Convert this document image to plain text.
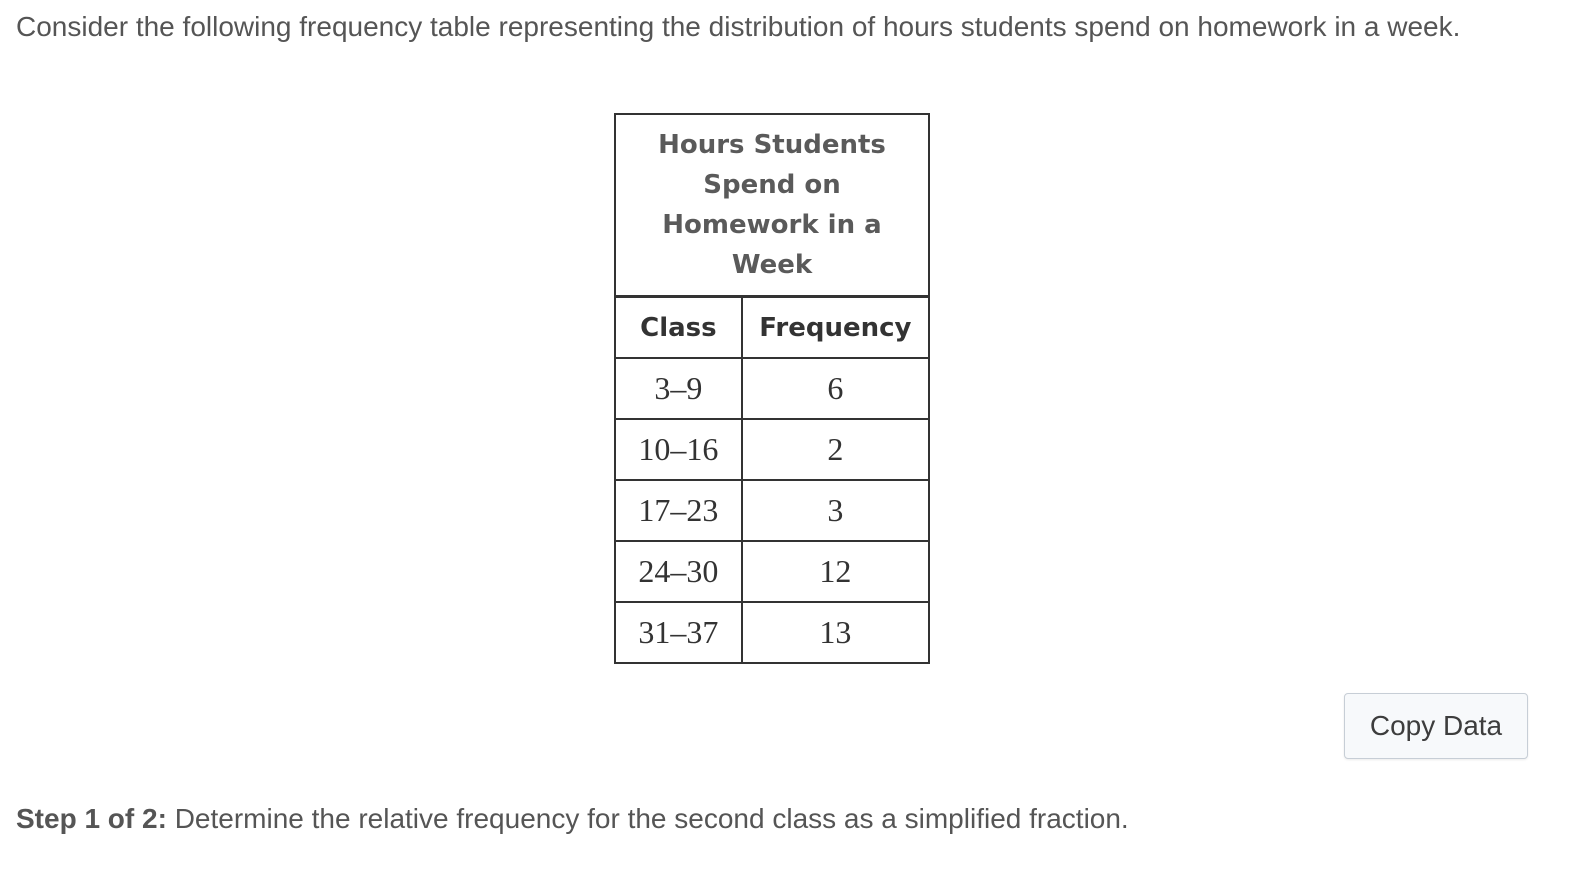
Consider the following frequency table representing the distribution of hours students spend on homework in a week.
Hours Students Spend on Homework in a Week	
Class	Frequency
3–9	6
10–16	2
17–23	3
24–30	12
31–37	13
Copy Data
Step 1 of 2: Determine the relative frequency for the second class as a simplified fraction.
